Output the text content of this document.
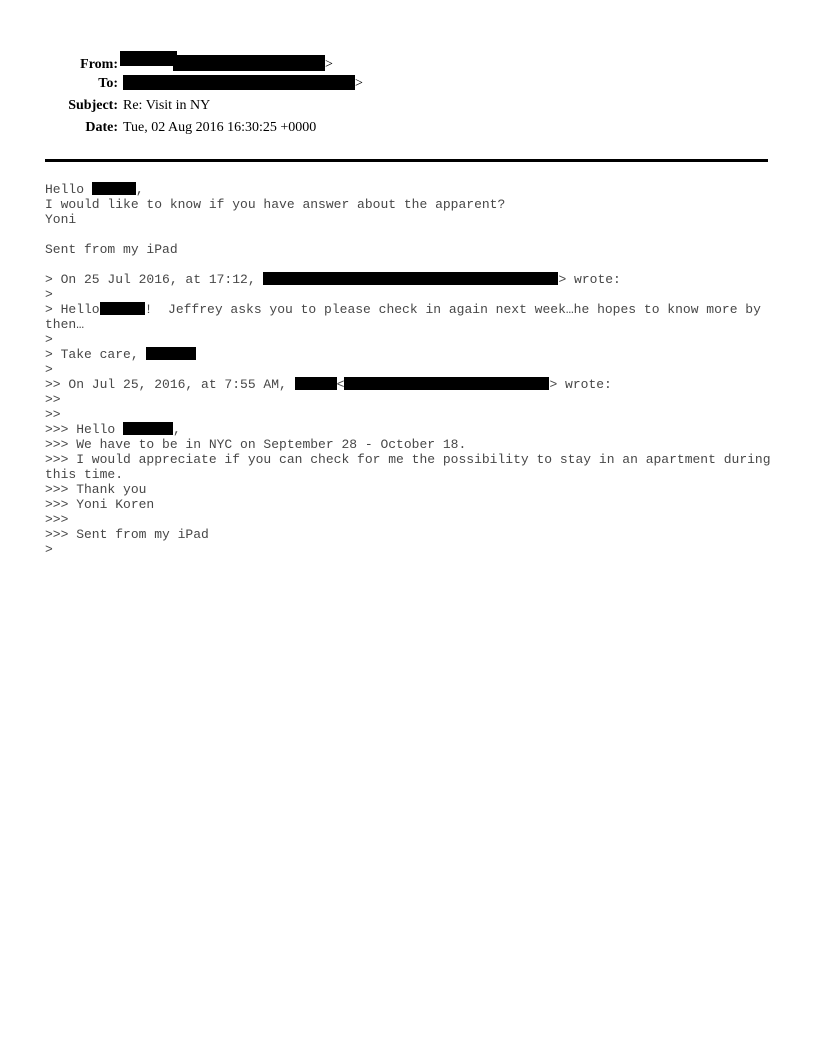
From:	>
To:	>
Subject: Re: Visit in NY
Date: Tue, 02 Aug 2016 16:30:25 +0000
Hello	,
I would like to know if you have answer about the apparent?
Yoni
Sent from my iPad
> On 25 Jul 2016, at 17:12,	> wrote:
>
> Hello	!  Jeffrey asks you to please check in again next week…he hopes to know more by
then…
>
> Take care,
>
>> On Jul 25, 2016, at 7:55 AM,	<	> wrote:
>>
>>
>>> Hello	,
>>> We have to be in NYC on September 28 - October 18.
>>> I would appreciate if you can check for me the possibility to stay in an apartment during
this time.
>>> Thank you
>>> Yoni Koren
>>>
>>> Sent from my iPad
>
